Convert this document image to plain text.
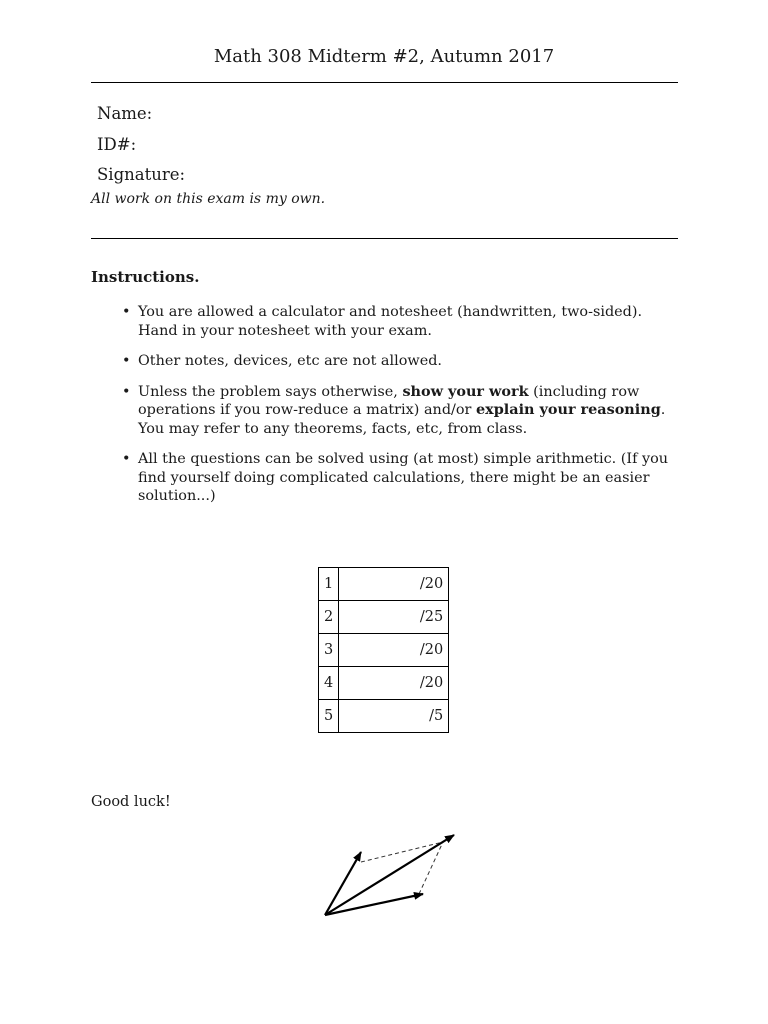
Math 308 Midterm #2, Autumn 2017
Name:
ID#:
Signature:
All work on this exam is my own.
Instructions.
• You are allowed a calculator and notesheet (handwritten, two-sided). Hand in your notesheet with your exam.
• Other notes, devices, etc are not allowed.
• Unless the problem says otherwise, show your work (including row operations if you row-reduce a matrix) and/or explain your reasoning. You may refer to any theorems, facts, etc, from class.
• All the questions can be solved using (at most) simple arithmetic. (If you find yourself doing complicated calculations, there might be an easier solution...)
1	/20
2	/25
3	/20
4	/20
5	/5
Good luck!
